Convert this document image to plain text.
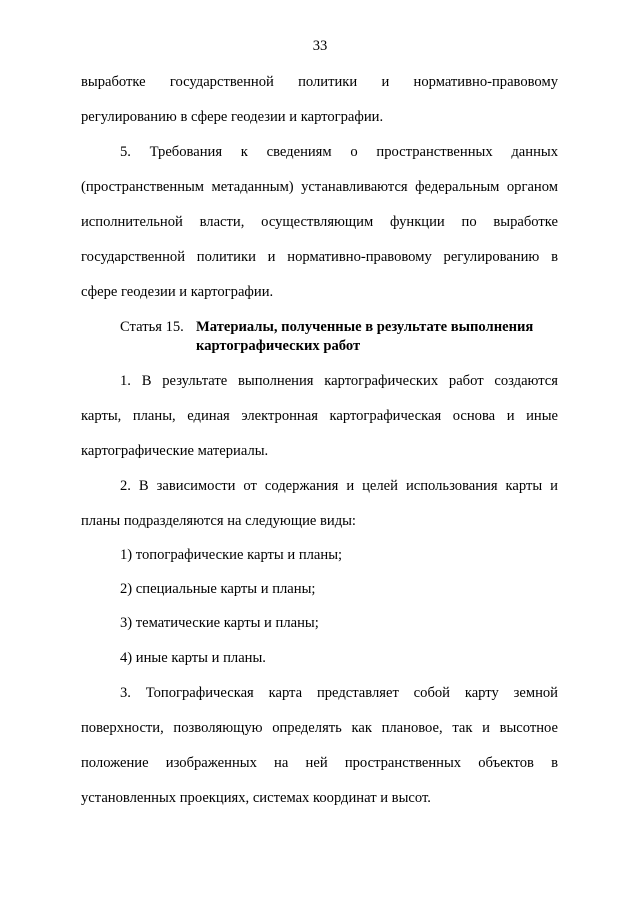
33
выработке государственной политики и нормативно-правовому
регулированию в сфере геодезии и картографии.
5. Требования к сведениям о пространственных данных
(пространственным метаданным) устанавливаются федеральным органом
исполнительной власти, осуществляющим функции по выработке
государственной политики и нормативно-правовому регулированию в
сфере геодезии и картографии.
Статья 15. Материалы, полученные в результате выполнения
картографических работ
1. В результате выполнения картографических работ создаются
карты, планы, единая электронная картографическая основа и иные
картографические материалы.
2. В зависимости от содержания и целей использования карты и
планы подразделяются на следующие виды:
1) топографические карты и планы;
2) специальные карты и планы;
3) тематические карты и планы;
4) иные карты и планы.
3. Топографическая карта представляет собой карту земной
поверхности, позволяющую определять как плановое, так и высотное
положение изображенных на ней пространственных объектов в
установленных проекциях, системах координат и высот.
